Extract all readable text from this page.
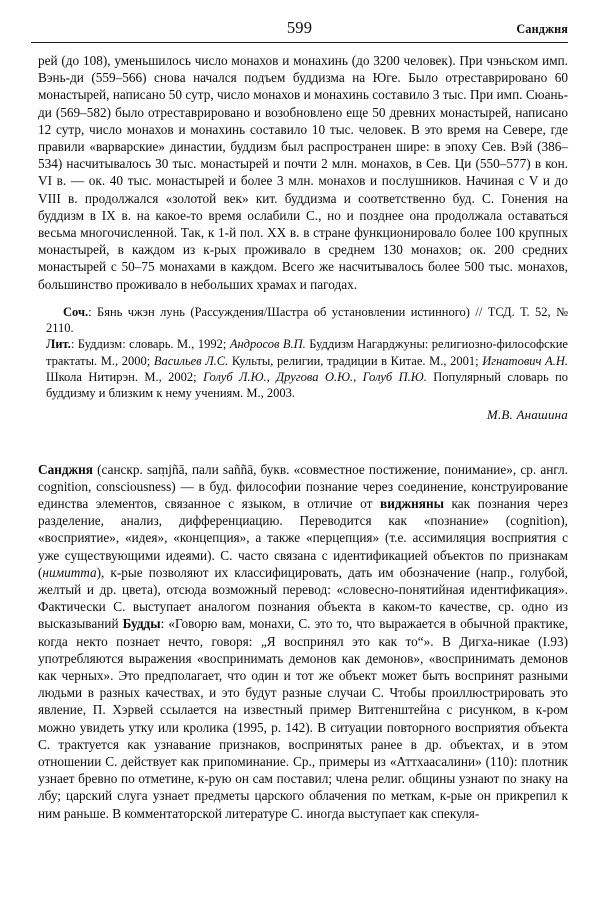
599	Санджня

рей (до 108), уменьшилось число монахов и монахинь (до 3200 человек). При чэньском имп. Вэнь-ди (559–566) снова начался подъем буддизма на Юге. Было отреставрировано 60 монастырей, написано 50 сутр, число монахов и монахинь составило 3 тыс. При имп. Сюань-ди (569–582) было отреставрировано и возобновлено еще 50 древних монастырей, написано 12 сутр, число монахов и монахинь составило 10 тыс. человек. В это время на Севере, где правили «варварские» династии, буддизм был распространен шире: в эпоху Сев. Вэй (386–534) насчитывалось 30 тыс. монастырей и почти 2 млн. монахов, в Сев. Ци (550–577) в кон. VI в. — ок. 40 тыс. монастырей и более 3 млн. монахов и послушников. Начиная с V и до VIII в. продолжался «золотой век» кит. буддизма и соответственно буд. С. Гонения на буддизм в IX в. на какое-то время ослабили С., но и позднее она продолжала оставаться весьма многочисленной. Так, к 1-й пол. XX в. в стране функционировало более 100 крупных монастырей, в каждом из к-рых проживало в среднем 130 монахов; ок. 200 средних монастырей с 50–75 монахами в каждом. Всего же насчитывалось более 500 тыс. монахов, большинство проживало в небольших храмах и пагодах.

Соч.: Бянь чжэн лунь (Рассуждения/Шастра об установлении истинного) // ТСД. Т. 52, № 2110.

Лит.: Буддизм: словарь. М., 1992; Андросов В.П. Буддизм Нагарджуны: религиозно-философские трактаты. М., 2000; Васильев Л.С. Культы, религии, традиции в Китае. М., 2001; Игнатович А.Н. Школа Нитирэн. М., 2002; Голуб Л.Ю., Другова О.Ю., Голуб П.Ю. Популярный словарь по буддизму и близким к нему учениям. М., 2003.

М.В. Анашина

Санджня (санскр. saṃjñā, пали saññā, букв. «совместное постижение, понимание», ср. англ. cognition, consciousness) — в буд. философии познание через соединение, конструирование единства элементов, связанное с языком, в отличие от виджняны как познания через разделение, анализ, дифференциацию. Переводится как «познание» (cognition), «восприятие», «идея», «концепция», а также «перцепция» (т.е. ассимиляция восприятия с уже существующими идеями). С. часто связана с идентификацией объектов по признакам (нимитта), к-рые позволяют их классифицировать, дать им обозначение (напр., голубой, желтый и др. цвета), отсюда возможный перевод: «словесно-понятийная идентификация». Фактически С. выступает аналогом познания объекта в каком-то качестве, ср. одно из высказываний Будды: «Говорю вам, монахи, С. это то, что выражается в обычной практике, когда некто познает нечто, говоря: „Я воспринял это как то“». В Дигха-никае (I.93) употребляются выражения «воспринимать демонов как демонов», «воспринимать демонов как черных». Это предполагает, что один и тот же объект может быть воспринят разными людьми в разных качествах, и это будут разные случаи С. Чтобы проиллюстрировать это явление, П. Хэрвей ссылается на известный пример Витгенштейна с рисунком, в к-ром можно увидеть утку или кролика (1995, p. 142). В ситуации повторного восприятия объекта С. трактуется как узнавание признаков, воспринятых ранее в др. объектах, и в этом отношении С. действует как припоминание. Ср., примеры из «Аттхаасалини» (110): плотник узнает бревно по отметине, к-рую он сам поставил; члена религ. общины узнают по знаку на лбу; царский слуга узнает предметы царского облачения по меткам, к-рые он прикрепил к ним раньше. В комментаторской литературе С. иногда выступает как спекуля-
